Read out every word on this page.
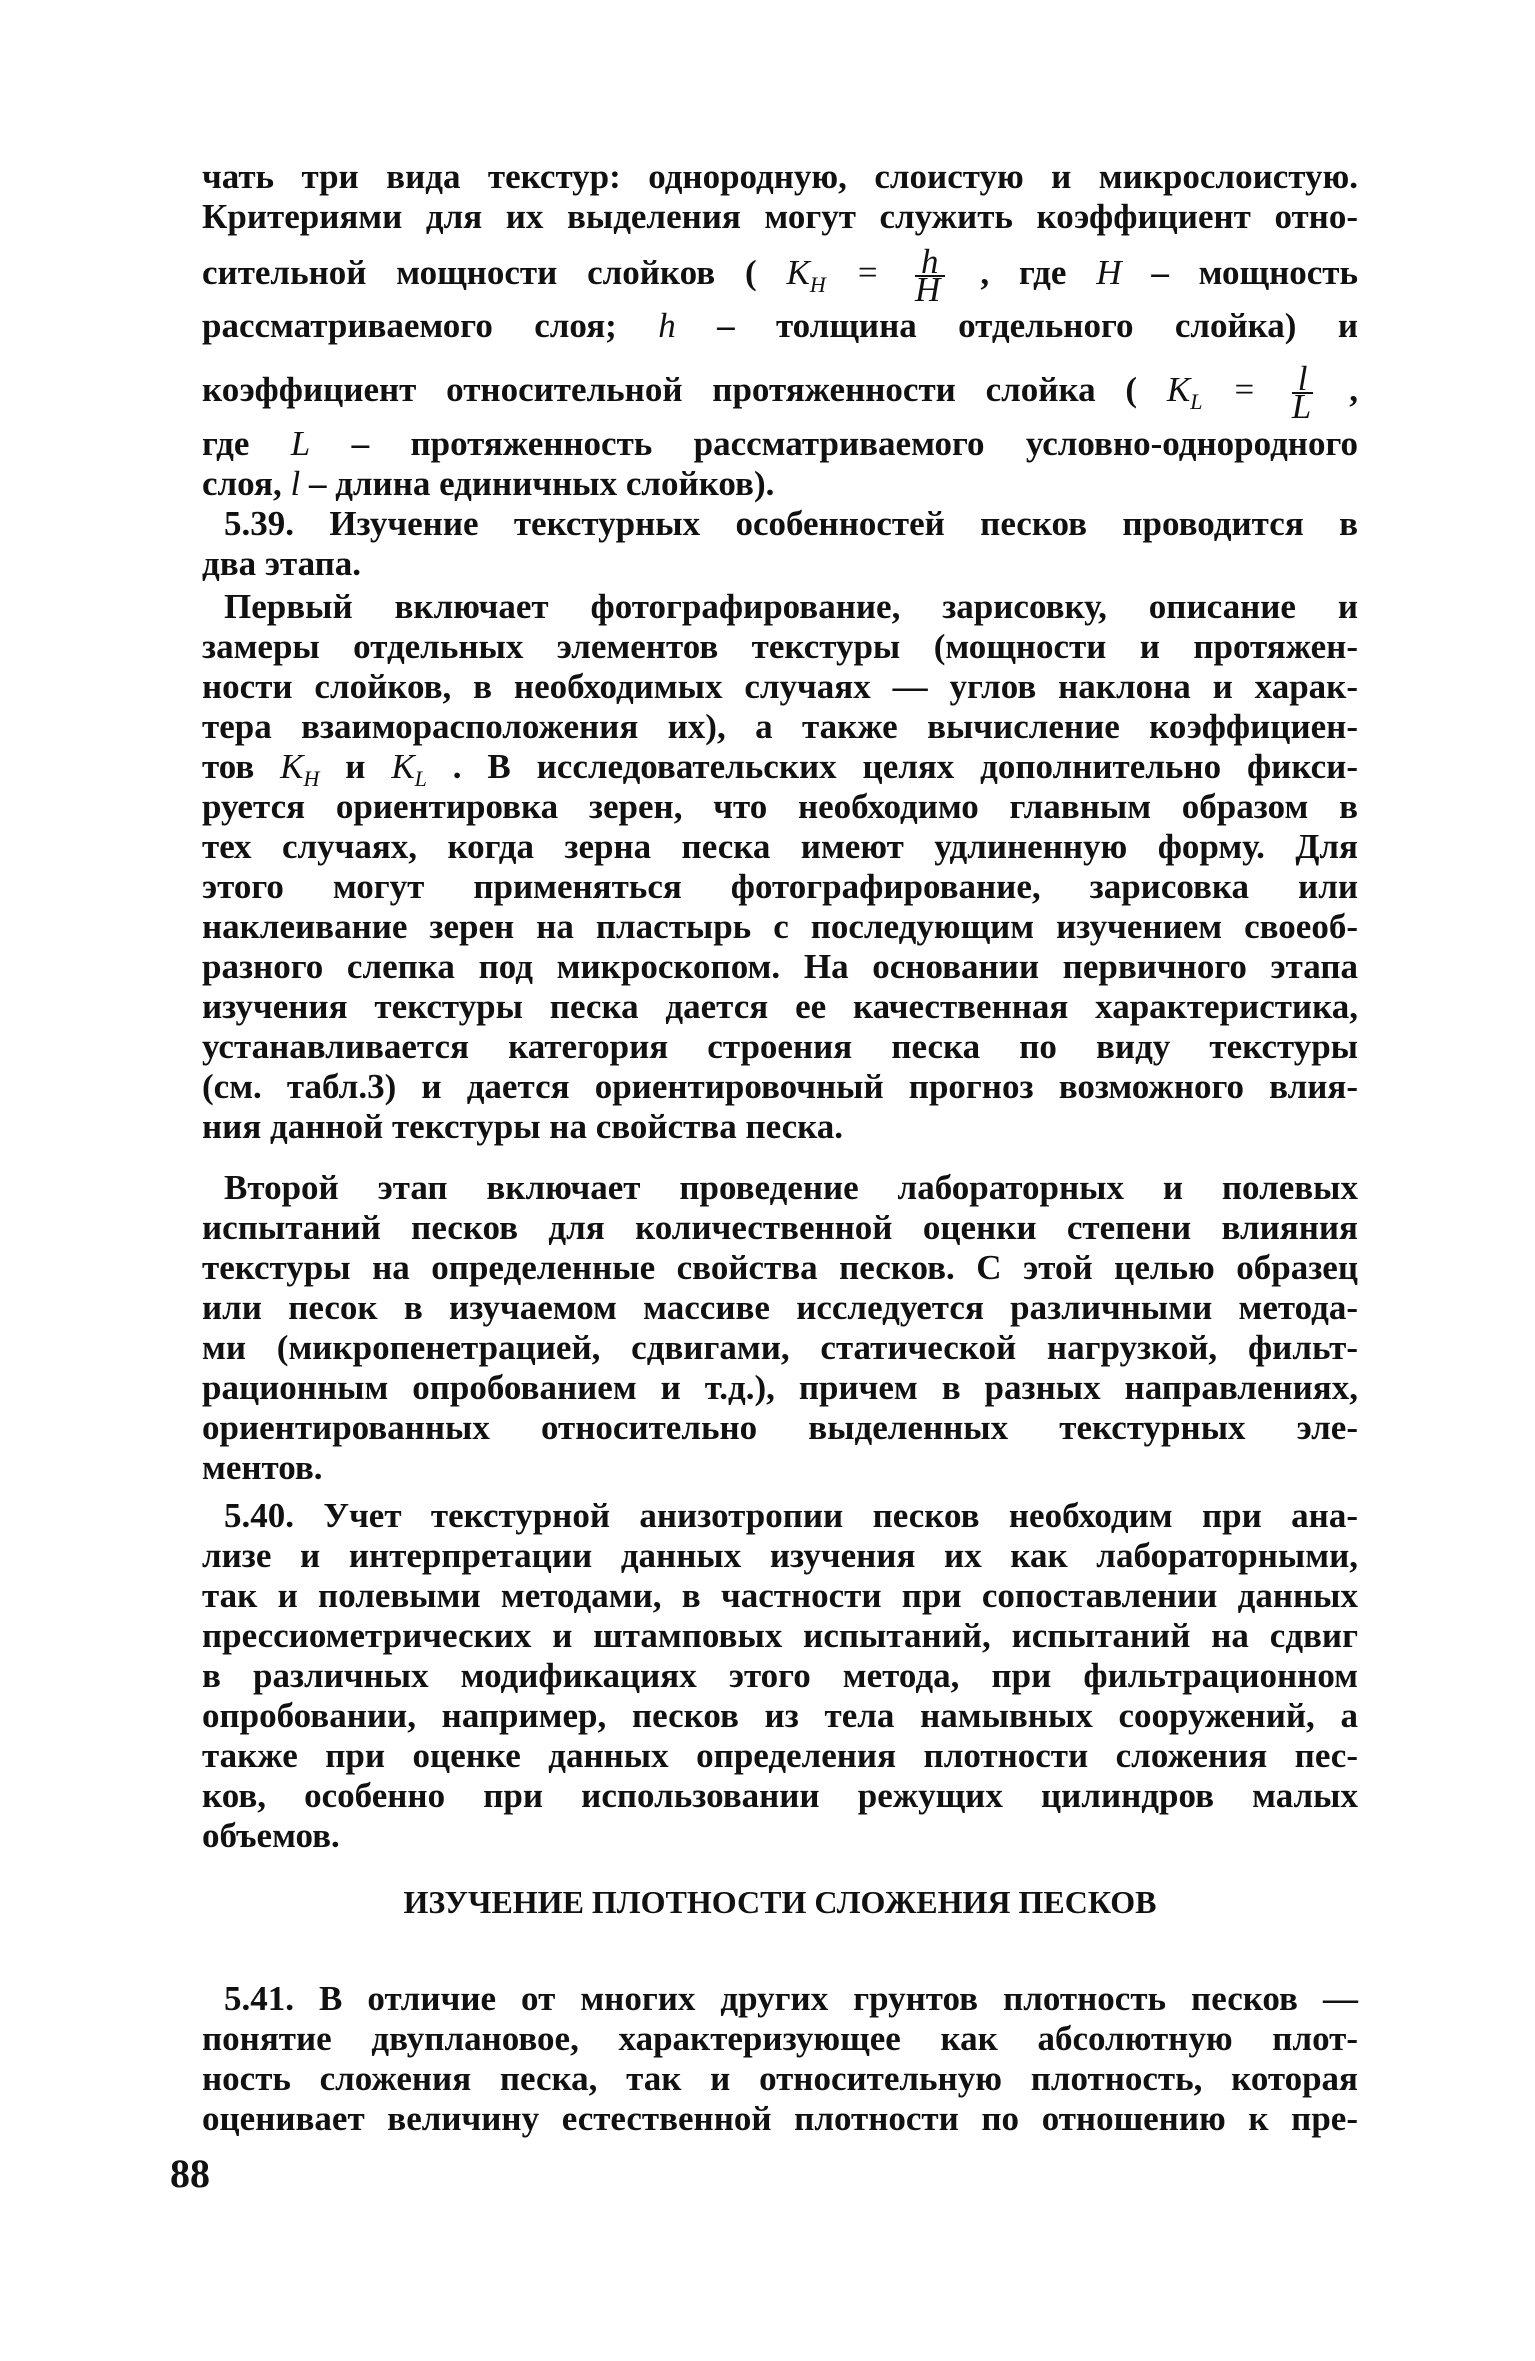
чать три вида текстур: однородную, слоистую и микрослоистую.
Критериями для их выделения могут служить коэффициент отно-
сительной мощности слойков ( $K_H = \frac{h}{H}$ , где H – мощность
рассматриваемого слоя; h – толщина отдельного слойка) и
коэффициент относительной протяженности слойка ( $K_L = \frac{l}{L}$ ,
где L – протяженность рассматриваемого условно-однородного
слоя, l – длина единичных слойков).
5.39. Изучение текстурных особенностей песков проводится в
два этапа.
Первый включает фотографирование, зарисовку, описание и
замеры отдельных элементов текстуры (мощности и протяжен-
ности слойков, в необходимых случаях — углов наклона и харак-
тера взаиморасположения их), а также вычисление коэффициен-
тов $K_Н$ и $K_L$ . В исследовательских целях дополнительно фикси-
руется ориентировка зерен, что необходимо главным образом в
тех случаях, когда зерна песка имеют удлиненную форму. Для
этого могут применяться фотографирование, зарисовка или
наклеивание зерен на пластырь с последующим изучением своеоб-
разного слепка под микроскопом. На основании первичного этапа
изучения текстуры песка дается ее качественная характеристика,
устанавливается категория строения песка по виду текстуры
(см. табл.3) и дается ориентировочный прогноз возможного влия-
ния данной текстуры на свойства песка.
Второй этап включает проведение лабораторных и полевых
испытаний песков для количественной оценки степени влияния
текстуры на определенные свойства песков. С этой целью образец
или песок в изучаемом массиве исследуется различными метода-
ми (микропенетрацией, сдвигами, статической нагрузкой, фильт-
рационным опробованием и т.д.), причем в разных направлениях,
ориентированных относительно выделенных текстурных эле-
ментов.
5.40. Учет текстурной анизотропии песков необходим при ана-
лизе и интерпретации данных изучения их как лабораторными,
так и полевыми методами, в частности при сопоставлении данных
прессиометрических и штамповых испытаний, испытаний на сдвиг
в различных модификациях этого метода, при фильтрационном
опробовании, например, песков из тела намывных сооружений, а
также при оценке данных определения плотности сложения пес-
ков, особенно при использовании режущих цилиндров малых
объемов.
ИЗУЧЕНИЕ ПЛОТНОСТИ СЛОЖЕНИЯ ПЕСКОВ
5.41. В отличие от многих других грунтов плотность песков —
понятие двуплановое, характеризующее как абсолютную плот-
ность сложения песка, так и относительную плотность, которая
оценивает величину естественной плотности по отношению к пре-
88
